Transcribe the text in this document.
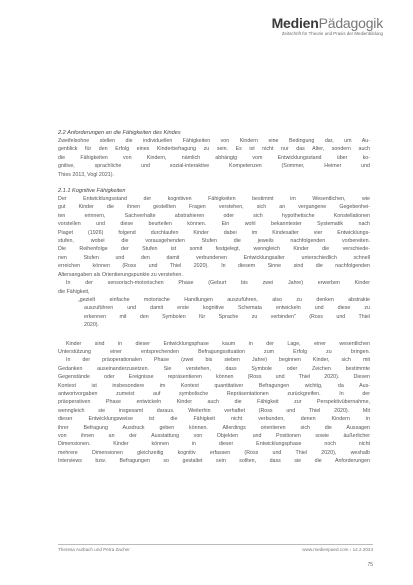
MedienPädagogik
Zeitschrift für Theorie und Praxis der Medienbildung

2.2 Anforderungen an die Fähigkeiten des Kindes

Zweifelsohne stellen die individuellen Fähigkeiten von Kindern eine Bedingung dar, um Au-
genblick für den Erfolg eines Kinderbefragung zu sein. Es ist nicht nur das Alter, sondern auch
die Fähigkeiten von Kindern, nämlich abhängig vom Entwicklungsstand über ko-
gnitive, sprachliche und sozial-interaktive Kompetenzen (Sommer, Heimer und
Thies 2013, Vogl 2021).

2.1.1 Kognitive Fähigkeiten

Der Entwicklungsstand der kognitiven Fähigkeiten bestimmt im Wesentlichen, wie
gut Kinder die ihnen gestellten Fragen verstehen, sich an vergangene Gegebenhei-
ten erinnern, Sachverhalte abstrahieren oder sich hypothetische Konstellationen
vorstellen und diese beurteilen können. Ein wohl bekanntester Systematik nach
Piaget (1926) folgend durchlaufen Kinder dabei im Kindesalter vier Entwicklungs-
stufen, wobei die vorausgehenden Stufen die jeweils nachfolgenden vorbereiten.
Die Reihenfolge der Stufen ist somit festgelegt, wenngleich Kinder die verschiede-
nen Stufen und den damit verbundenen Entwicklungsalter unterschiedlich schnell
erreichen können (Ross und Thiel 2020). In diesem Sinne sind die nachfolgenden
Altersangaben als Orientierungspunkte zu verstehen.
In der sensorisch-motorischen Phase (Geburt bis zwei Jahre) erwerben Kinder
die Fähigkeit,
„gezielt einfache motorische Handlungen auszuführen, also zu denken abstrakte
auszuführen und damit erste kognitive Schemata entwickeln und diese zu
erkennen mit den Symbolen für Sprache zu verbinden" (Ross und Thiel
2020).
Kinder sind in dieser Entwicklungsphase kaum in der Lage, einer wesentlichen
Unterstützung einer entsprechenden Befragungssituation zum Erfolg zu bringen.
In der präoperationalen Phase (zwei bis sieben Jahre) beginnen Kinder, sich mit
Gedanken auseinanderzusetzen. Sie verstehen, dass Symbole oder Zeichen bestimmte
Gegenstände oder Ereignisse repräsentieren können (Ross und Thiel 2020). Diesen
Kontext ist insbesondere im Kontext quantitativer Befragungen wichtig, da Aus-
antwortvorgaben zumeist auf symbolische Repräsentationen zurückgreifen. In der
präoperativen Phase entwickeln Kinder auch die Fähigkeit zur Perspektivübernahme,
wenngleich sie insgesamt daraus. Weiterhin verhaftet (Ross und Thiel 2020). Mit
dieser Entwicklungsweise ist die Fähigkeit nicht verbunden, denen Kindern in
ihrer Befragung Ausdruck geben können. Allerdings orientieren sich die Aussagen
von ihnen an der Ausstattung von Objekten und Positionen sowie äußerlicher
Dimensionen. Kinder können in dieser Entwicklungsphase noch nicht
mehrere Dimensionen gleichzeitig kognitiv erfassen (Ross und Thiel 2020), weshalb
Interviews bzw. Befragungen so gestaltet sein sollten, dass sie die Anforderungen
Theresa Aurbach und Petra Zacher	www.medienpaed.com › 14.2.2024
75
